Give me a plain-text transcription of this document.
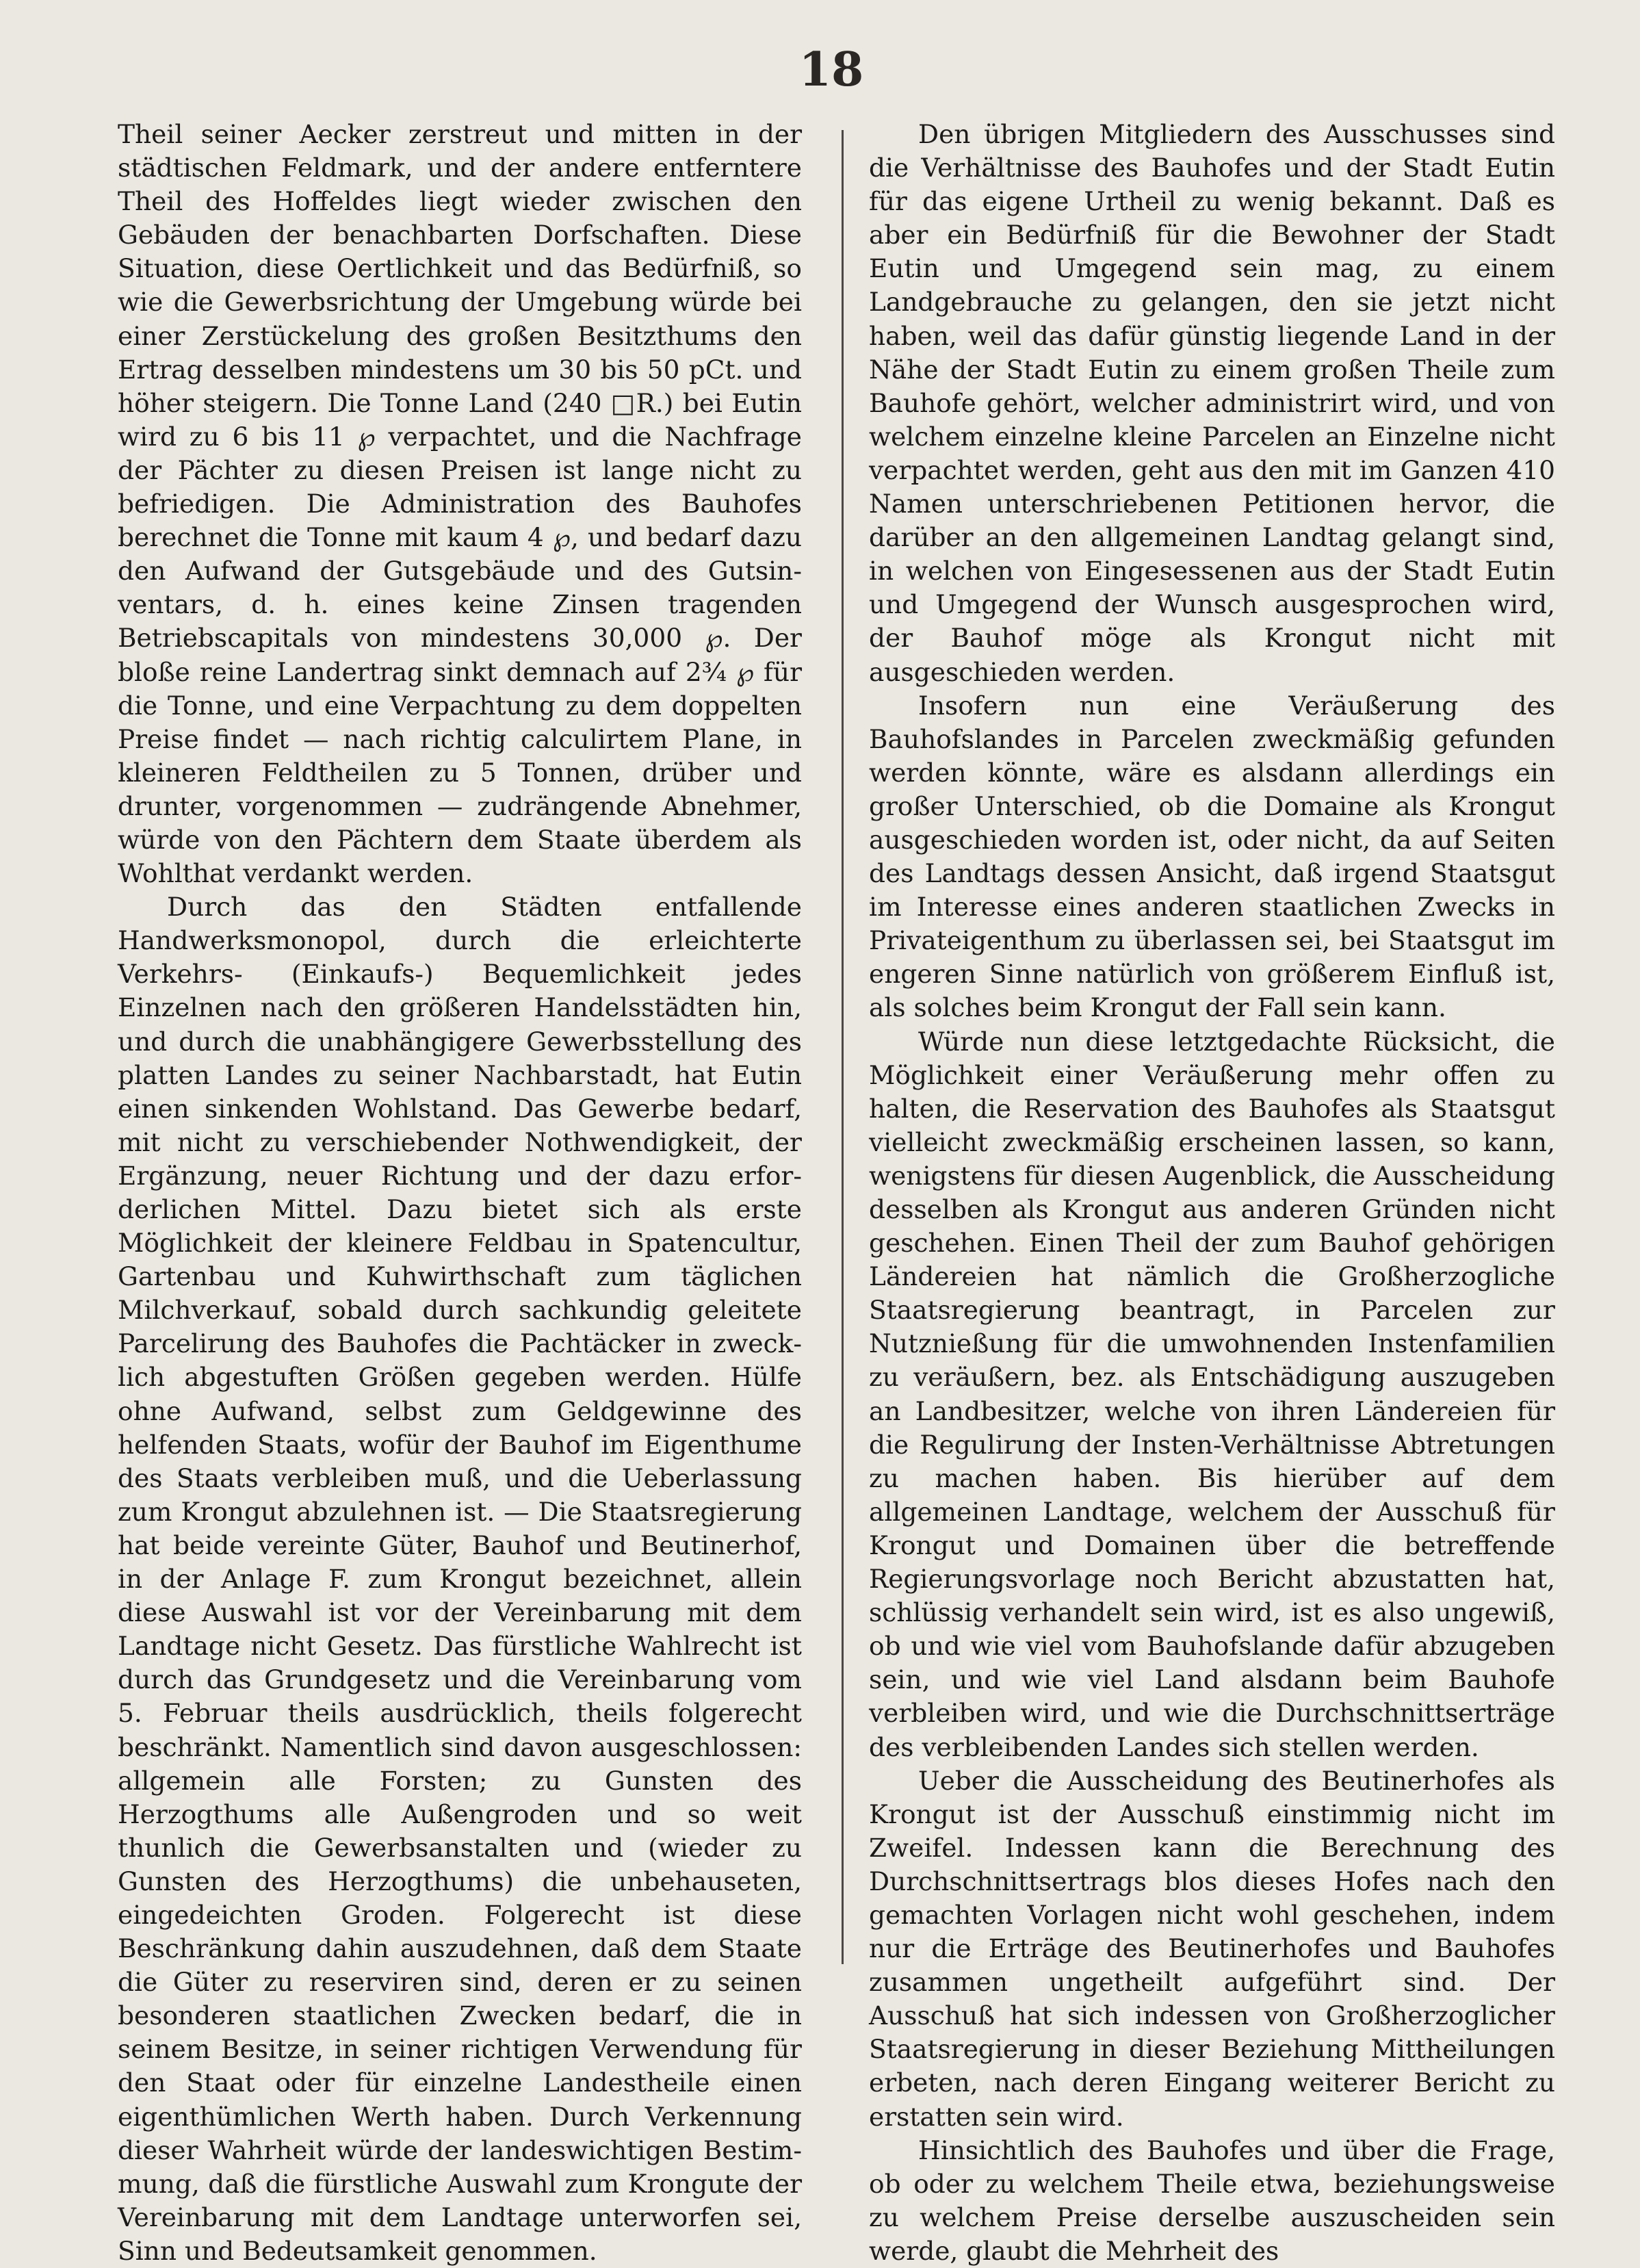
18

Theil seiner Aecker zerstreut und mitten in der städtischen Feldmark, und der andere entferntere Theil des Hoffeldes liegt wieder zwischen den Gebäuden der benachbarten Dorfschaften. Diese Situation, diese Oertlichkeit und das Bedürfniß, so wie die Gewerbsrichtung der Umgebung würde bei einer Zerstückelung des großen Besitzthums den Ertrag desselben mindestens um 30 bis 50 pCt. und höher steigern. Die Tonne Land (240 □R.) bei Eutin wird zu 6 bis 11 ℘ verpachtet, und die Nachfrage der Pächter zu diesen Preisen ist lange nicht zu befriedigen. Die Administration des Bauhofes berechnet die Tonne mit kaum 4 ℘, und bedarf dazu den Aufwand der Gutsgebäude und des Gutsinventars, d. h. eines keine Zinsen tragenden Betriebscapitals von mindestens 30,000 ℘. Der bloße reine Landertrag sinkt demnach auf 2³⁄₄ ℘ für die Tonne, und eine Verpachtung zu dem doppelten Preise findet — nach richtig calculirtem Plane, in kleineren Feldtheilen zu 5 Tonnen, drüber und drunter, vorgenommen — zudrängende Abnehmer, würde von den Pächtern dem Staate überdem als Wohlthat verdankt werden.

Durch das den Städten entfallende Handwerksmonopol, durch die erleichterte Verkehrs- (Einkaufs-) Bequemlichkeit jedes Einzelnen nach den größeren Handelsstädten hin, und durch die unabhängigere Gewerbsstellung des platten Landes zu seiner Nachbarstadt, hat Eutin einen sinkenden Wohlstand. Das Gewerbe bedarf, mit nicht zu verschiebender Nothwendigkeit, der Ergänzung, neuer Richtung und der dazu erforderlichen Mittel. Dazu bietet sich als erste Möglichkeit der kleinere Feldbau in Spatencultur, Gartenbau und Kuhwirthschaft zum täglichen Milchverkauf, sobald durch sachkundig geleitete Parcelirung des Bauhofes die Pachtäcker in zwecklich abgestuften Größen gegeben werden. Hülfe ohne Aufwand, selbst zum Geldgewinne des helfenden Staats, wofür der Bauhof im Eigenthume des Staats verbleiben muß, und die Ueberlassung zum Krongut abzulehnen ist. — Die Staatsregierung hat beide vereinte Güter, Bauhof und Beutinerhof, in der Anlage F. zum Krongut bezeichnet, allein diese Auswahl ist vor der Vereinbarung mit dem Landtage nicht Gesetz. Das fürstliche Wahlrecht ist durch das Grundgesetz und die Vereinbarung vom 5. Februar theils ausdrücklich, theils folgerecht beschränkt. Namentlich sind davon ausgeschlossen: allgemein alle Forsten; zu Gunsten des Herzogthums alle Außengroden und so weit thunlich die Gewerbsanstalten und (wieder zu Gunsten des Herzogthums) die unbehauseten, eingedeichten Groden. Folgerecht ist diese Beschränkung dahin auszudehnen, daß dem Staate die Güter zu reserviren sind, deren er zu seinen besonderen staatlichen Zwecken bedarf, die in seinem Besitze, in seiner richtigen Verwendung für den Staat oder für einzelne Landestheile einen eigenthümlichen Werth haben. Durch Verkennung dieser Wahrheit würde der landeswichtigen Bestimmung, daß die fürstliche Auswahl zum Krongute der Vereinbarung mit dem Landtage unterworfen sei, Sinn und Bedeutsamkeit genommen.

Den übrigen Mitgliedern des Ausschusses sind die Verhältnisse des Bauhofes und der Stadt Eutin für das eigene Urtheil zu wenig bekannt. Daß es aber ein Bedürfniß für die Bewohner der Stadt Eutin und Umgegend sein mag, zu einem Landgebrauche zu gelangen, den sie jetzt nicht haben, weil das dafür günstig liegende Land in der Nähe der Stadt Eutin zu einem großen Theile zum Bauhofe gehört, welcher administrirt wird, und von welchem einzelne kleine Parcelen an Einzelne nicht verpachtet werden, geht aus den mit im Ganzen 410 Namen unterschriebenen Petitionen hervor, die darüber an den allgemeinen Landtag gelangt sind, in welchen von Eingesessenen aus der Stadt Eutin und Umgegend der Wunsch ausgesprochen wird, der Bauhof möge als Krongut nicht mit ausgeschieden werden.

Insofern nun eine Veräußerung des Bauhofslandes in Parcelen zweckmäßig gefunden werden könnte, wäre es alsdann allerdings ein großer Unterschied, ob die Domaine als Krongut ausgeschieden worden ist, oder nicht, da auf Seiten des Landtags dessen Ansicht, daß irgend Staatsgut im Interesse eines anderen staatlichen Zwecks in Privateigenthum zu überlassen sei, bei Staatsgut im engeren Sinne natürlich von größerem Einfluß ist, als solches beim Krongut der Fall sein kann.

Würde nun diese letztgedachte Rücksicht, die Möglichkeit einer Veräußerung mehr offen zu halten, die Reservation des Bauhofes als Staatsgut vielleicht zweckmäßig erscheinen lassen, so kann, wenigstens für diesen Augenblick, die Ausscheidung desselben als Krongut aus anderen Gründen nicht geschehen. Einen Theil der zum Bauhof gehörigen Ländereien hat nämlich die Großherzogliche Staatsregierung beantragt, in Parcelen zur Nutznießung für die umwohnenden Instenfamilien zu veräußern, bez. als Entschädigung auszugeben an Landbesitzer, welche von ihren Ländereien für die Regulirung der Insten-Verhältnisse Abtretungen zu machen haben. Bis hierüber auf dem allgemeinen Landtage, welchem der Ausschuß für Krongut und Domainen über die betreffende Regierungsvorlage noch Bericht abzustatten hat, schlüssig verhandelt sein wird, ist es also ungewiß, ob und wie viel vom Bauhofslande dafür abzugeben sein, und wie viel Land alsdann beim Bauhofe verbleiben wird, und wie die Durchschnittserträge des verbleibenden Landes sich stellen werden.

Ueber die Ausscheidung des Beutinerhofes als Krongut ist der Ausschuß einstimmig nicht im Zweifel. Indessen kann die Berechnung des Durchschnittsertrags blos dieses Hofes nach den gemachten Vorlagen nicht wohl geschehen, indem nur die Erträge des Beutinerhofes und Bauhofes zusammen ungetheilt aufgeführt sind. Der Ausschuß hat sich indessen von Großherzoglicher Staatsregierung in dieser Beziehung Mittheilungen erbeten, nach deren Eingang weiterer Bericht zu erstatten sein wird.

Hinsichtlich des Bauhofes und über die Frage, ob oder zu welchem Theile etwa, beziehungsweise zu welchem Preise derselbe auszuscheiden sein werde, glaubt die Mehrheit des
